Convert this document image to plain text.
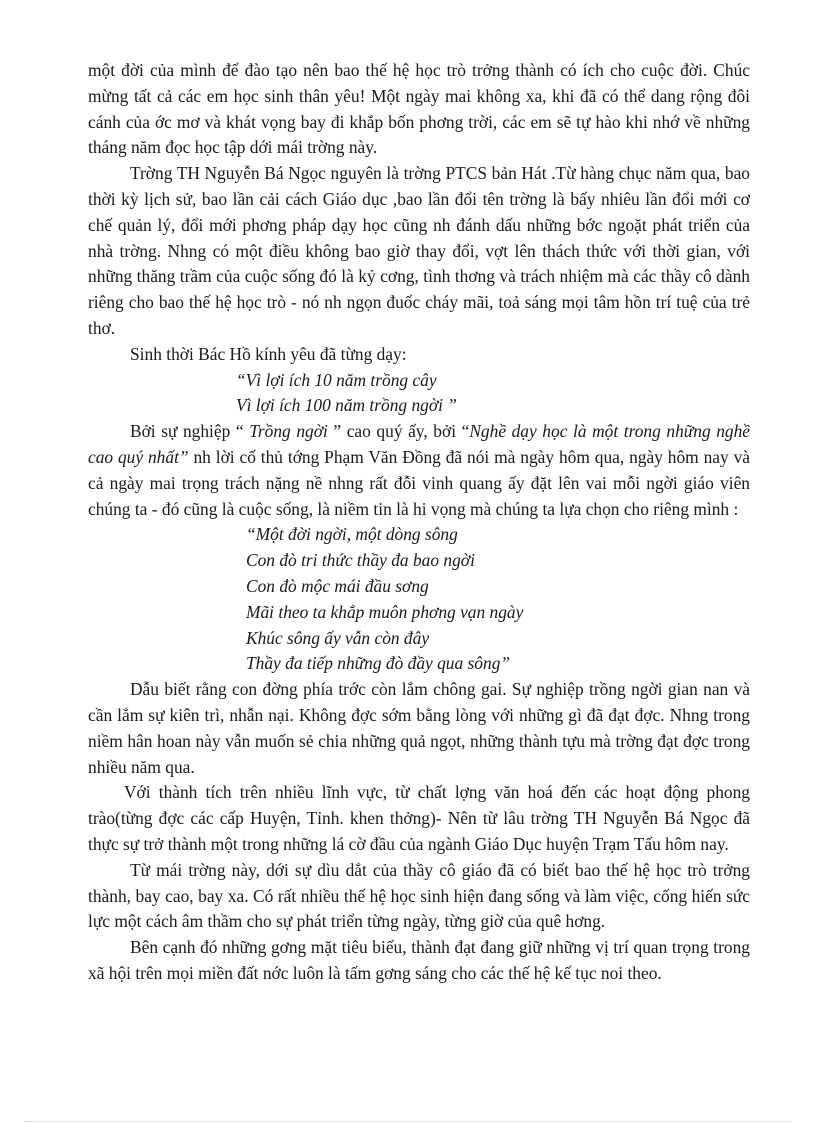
một đời của mình để đào tạo nên bao thế hệ học trò trởng thành có ích cho cuộc đời. Chúc mừng tất cả các em học sinh thân yêu! Một ngày mai không xa, khi đã có thể dang rộng đôi cánh của ớc mơ và khát vọng bay đi khắp bốn phơng trời, các em sẽ tự hào khi nhớ về những tháng năm đọc học tập dới mái trờng này.

Trờng TH Nguyễn Bá Ngọc nguyên là trờng PTCS bản Hát .Từ hàng chục năm qua, bao thời kỳ lịch sử, bao lần cải cách Giáo dục ,bao lần đổi tên trờng là bấy nhiêu lần đổi mới cơ chế quản lý, đổi mới phơng pháp dạy học cũng nh đánh dấu những bớc ngoặt phát triển của nhà trờng. Nhng có một điều không bao giờ thay đổi, vợt lên thách thức với thời gian, với những thăng trầm của cuộc sống đó là kỷ cơng, tình thơng và trách nhiệm mà các thầy cô dành riêng cho bao thế hệ học trò - nó nh ngọn đuốc cháy mãi, toả sáng mọi tâm hồn trí tuệ của trẻ thơ.

Sinh thời Bác Hồ kính yêu đã từng dạy:

“Vì lợi ích 10 năm trồng cây

Vì lợi ích 100 năm trồng ngời ”

Bởi sự nghiệp “ Trồng ngời ” cao quý ấy, bởi “Nghề dạy học là một trong những nghề cao quý nhất” nh lời cố thủ tớng Phạm Văn Đồng đã nói mà ngày hôm qua, ngày hôm nay và cả ngày mai trọng trách nặng nề nhng rất đỗi vinh quang ấy đặt lên vai mỗi ngời giáo viên chúng ta - đó cũng là cuộc sống, là niềm tin là hi vọng mà chúng ta lựa chọn cho riêng mình :

“Một đời ngời, một dòng sông

Con đò tri thức thầy đa bao ngời

Con đò mộc mái đầu sơng

Mãi theo ta khắp muôn phơng vạn ngày

Khúc sông ấy vẫn còn đây

Thầy đa tiếp những đò đầy qua sông”

Dẫu biết rằng con đờng phía trớc còn lắm chông gai. Sự nghiệp trồng ngời gian nan và cần lắm sự kiên trì, nhẫn nại. Không đợc sớm bằng lòng với những gì đã đạt đợc. Nhng trong niềm hân hoan này vẫn muốn sẻ chia những quả ngọt, những thành tựu mà trờng đạt đợc trong nhiều năm qua.

Với thành tích trên nhiều lĩnh vực, từ chất lợng văn hoá đến các hoạt động phong trào(từng đợc các cấp Huyện, Tỉnh. khen thởng)- Nên từ lâu trờng TH Nguyễn Bá Ngọc đã thực sự trở thành một trong những lá cờ đầu của ngành Giáo Dục huyện Trạm Tấu hôm nay.

Từ mái trờng này, dới sự dìu dắt của thầy cô giáo đã có biết bao thế hệ học trò trởng thành, bay cao, bay xa. Có rất nhiều thế hệ học sinh hiện đang sống và làm việc, cống hiến sức lực một cách âm thầm cho sự phát triển từng ngày, từng giờ của quê hơng.

Bên cạnh đó những gơng mặt tiêu biểu, thành đạt đang giữ những vị trí quan trọng trong xã hội trên mọi miền đất nớc luôn là tấm gơng sáng cho các thế hệ kế tục noi theo.
